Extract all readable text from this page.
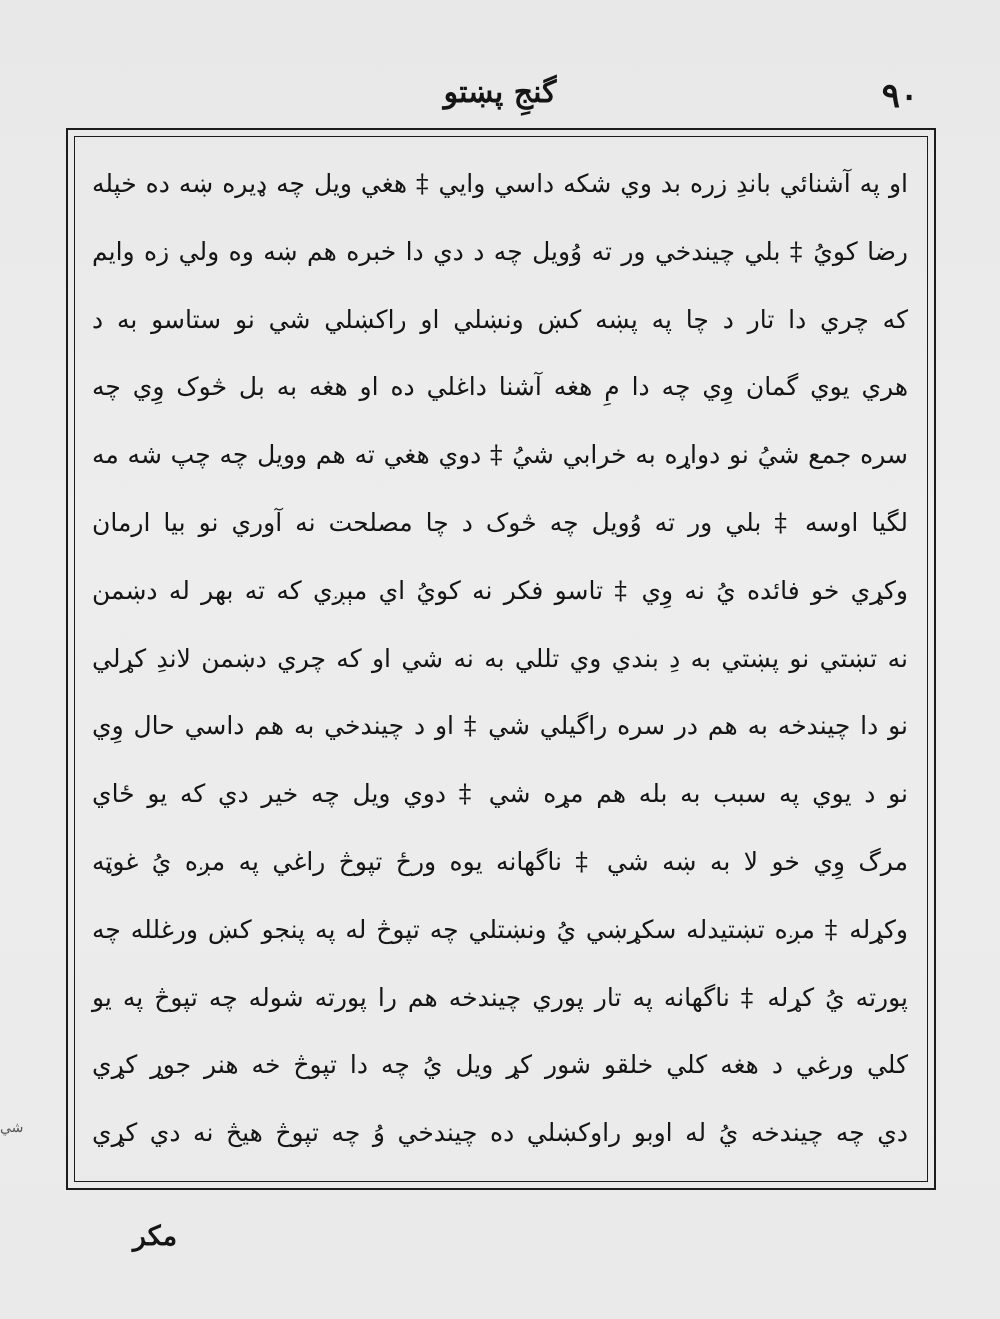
گنجِ پښتو	۹۰
او په آشنائي باندِ زره بد وي شکه داسي وايي ‡ هغي ويل چه ډيره ښه ده خپله
رضا کويُ ‡ بلي چيندخي ور ته وُويل چه د دي دا خبره هم ښه وه ولي زه وايم
که چري دا تار د چا په پښه کښ ونښلي او راکښلي شي نو ستاسو به د
هري يوي گمان وِي چه دا مِ هغه آشنا داغلي ده او هغه به بل څوک وِي چه
سره جمع شيُ نو دواړه به خرابي شيُ ‡ دوي هغي ته هم وويل چه چپ شه مه
لگيا اوسه ‡ بلي ور ته وُويل چه څوک د چا مصلحت نه آوري نو بيا ارمان
وکړي خو فائده يُ نه وِي ‡ تاسو فکر نه کويُ اي مېږي که ته بهر له دښمن
نه تښتي نو پښتي به دِ بندي وي تللي به نه شي او که چري دښمن لاندِ کړلي
نو دا چيندخه به هم در سره راگيلي شي ‡ او د چيندخي به هم داسي حال وِي
نو د يوي په سبب به بله هم مړه شي ‡ دوي ويل چه خير دي که يو ځاي
مرگ وِي خو لا به ښه شي ‡ ناگهانه يوه ورځ تپوڅ راغي په مږه يُ غوټه
وکړله ‡ مږه تښتيدله سکړښي يُ ونښتلي چه تپوڅ له په پنجو کښ ورغلله چه
پورته يُ کړله ‡ ناگهانه په تار پوري چيندخه هم را پورته شوله چه تپوڅ په يو
کلي ورغي د هغه کلي خلقو شور کړ ويل يُ چه دا تپوڅ خه هنر جوړ کړي
دي چه چيندخه يُ له اوبو راوکښلي ده چيندخي وُ چه تپوڅ هيڅ نه دي کړي
مکر
شي
